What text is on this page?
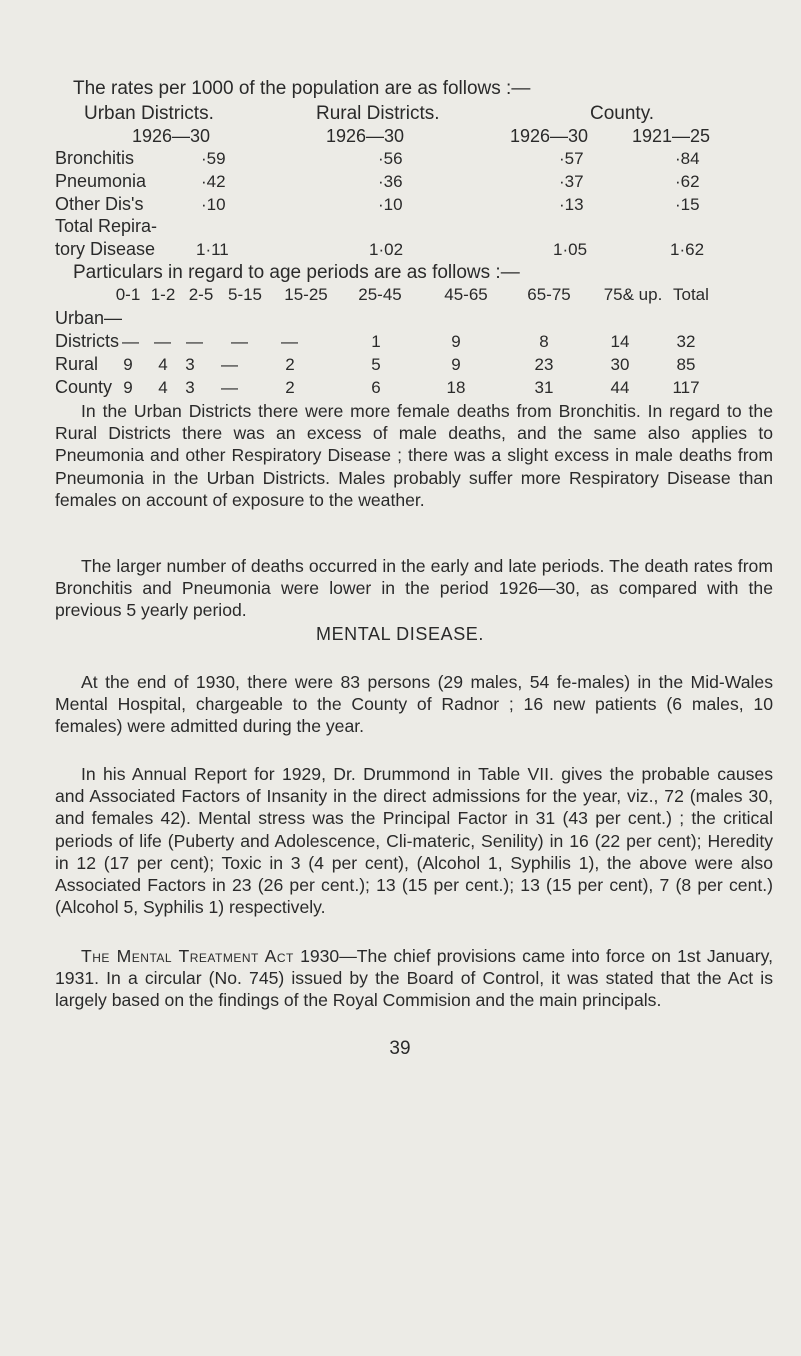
The rates per 1000 of the population are as follows :—
Urban Districts.	Rural Districts.	County.
1926—30	1926—30	1926—30 1921—25
Bronchitis	·59	·56	·57	·84
Pneumonia	·42	·36	·37	·62
Other Dis's	·10	·10	·13	·15
Total Repira-
tory Disease 1·11	1·02	1·05	1·62
Particulars in regard to age periods are as follows :—
0-1 1-2 2-5 5-15 15-25 25-45	45-65 65-75 75& up. Total
Urban—
Districts — — — — —	1	9	8	14	32
Rural 9 4 3 —	2	5	9	23	30	85
County 9 4 3 —	2	6	18	31	44	117

In the Urban Districts there were more female deaths from Bronchitis. In regard to the Rural Districts there was an excess of male deaths, and the same also applies to Pneumonia and other Respiratory Disease ; there was a slight excess in male deaths from Pneumonia in the Urban Districts. Males probably suffer more Respiratory Disease than females on account of exposure to the weather.

The larger number of deaths occurred in the early and late periods. The death rates from Bronchitis and Pneumonia were lower in the period 1926—30, as compared with the previous 5 yearly period.

MENTAL DISEASE.

At the end of 1930, there were 83 persons (29 males, 54 fe-males) in the Mid-Wales Mental Hospital, chargeable to the County of Radnor ; 16 new patients (6 males, 10 females) were admitted during the year.

In his Annual Report for 1929, Dr. Drummond in Table VII. gives the probable causes and Associated Factors of Insanity in the direct admissions for the year, viz., 72 (males 30, and females 42). Mental stress was the Principal Factor in 31 (43 per cent.) ; the critical periods of life (Puberty and Adolescence, Cli-materic, Senility) in 16 (22 per cent); Heredity in 12 (17 per cent); Toxic in 3 (4 per cent), (Alcohol 1, Syphilis 1), the above were also Associated Factors in 23 (26 per cent.); 13 (15 per cent.); 13 (15 per cent), 7 (8 per cent.) (Alcohol 5, Syphilis 1) respectively.

The Mental Treatment Act 1930—The chief provisions came into force on 1st January, 1931. In a circular (No. 745) issued by the Board of Control, it was stated that the Act is largely based on the findings of the Royal Commision and the main principals.

39
